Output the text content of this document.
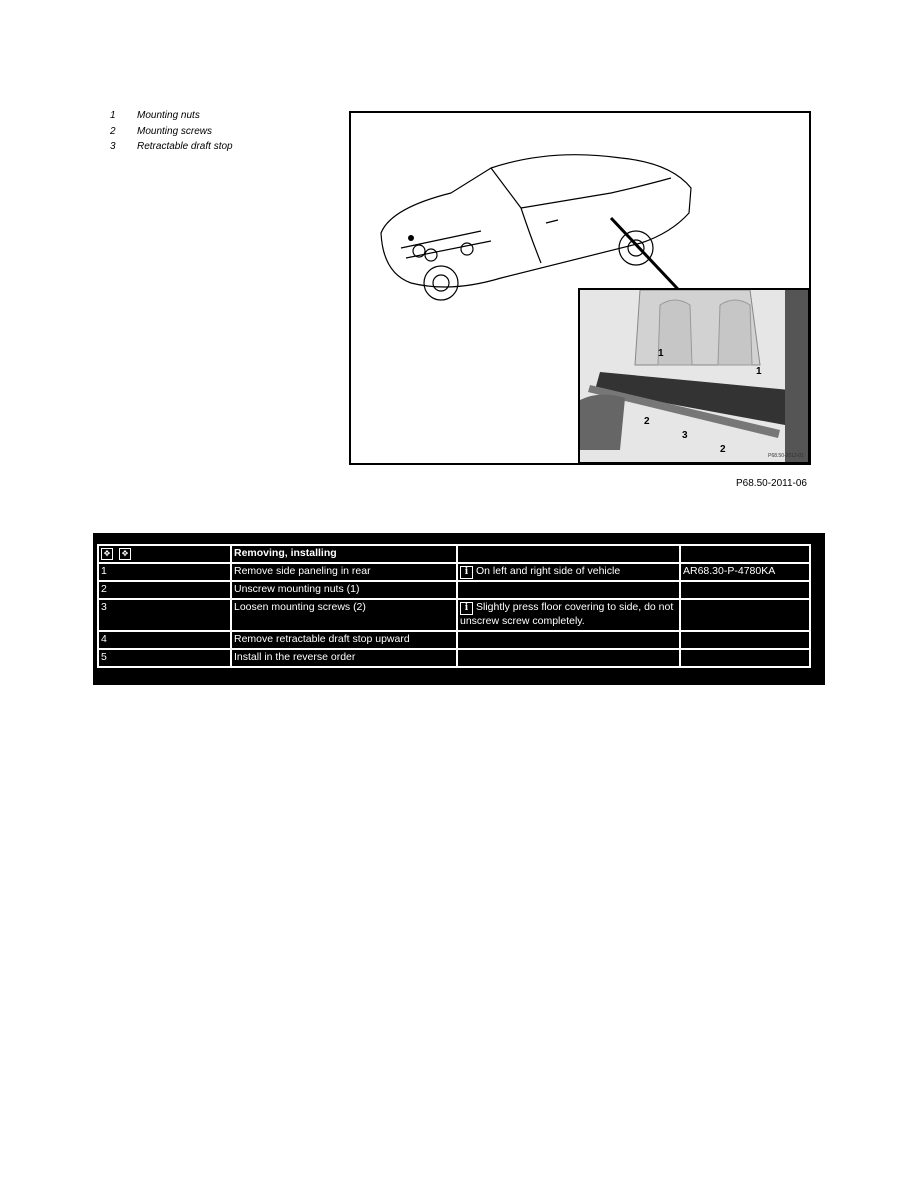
1	Mounting nuts
2	Mounting screws
3	Retractable draft stop
1
1
2
3
2
P68.50-2012-01
P68.50-2011-06
✥ ✥	Removing, installing		
1	Remove side paneling in rear	i On left and right side of vehicle	AR68.30-P-4780KA
2	Unscrew mounting nuts (1)		
3	Loosen mounting screws (2)	i Slightly press floor covering to side, do not unscrew screw completely.	
4	Remove retractable draft stop upward		
5	Install in the reverse order		
